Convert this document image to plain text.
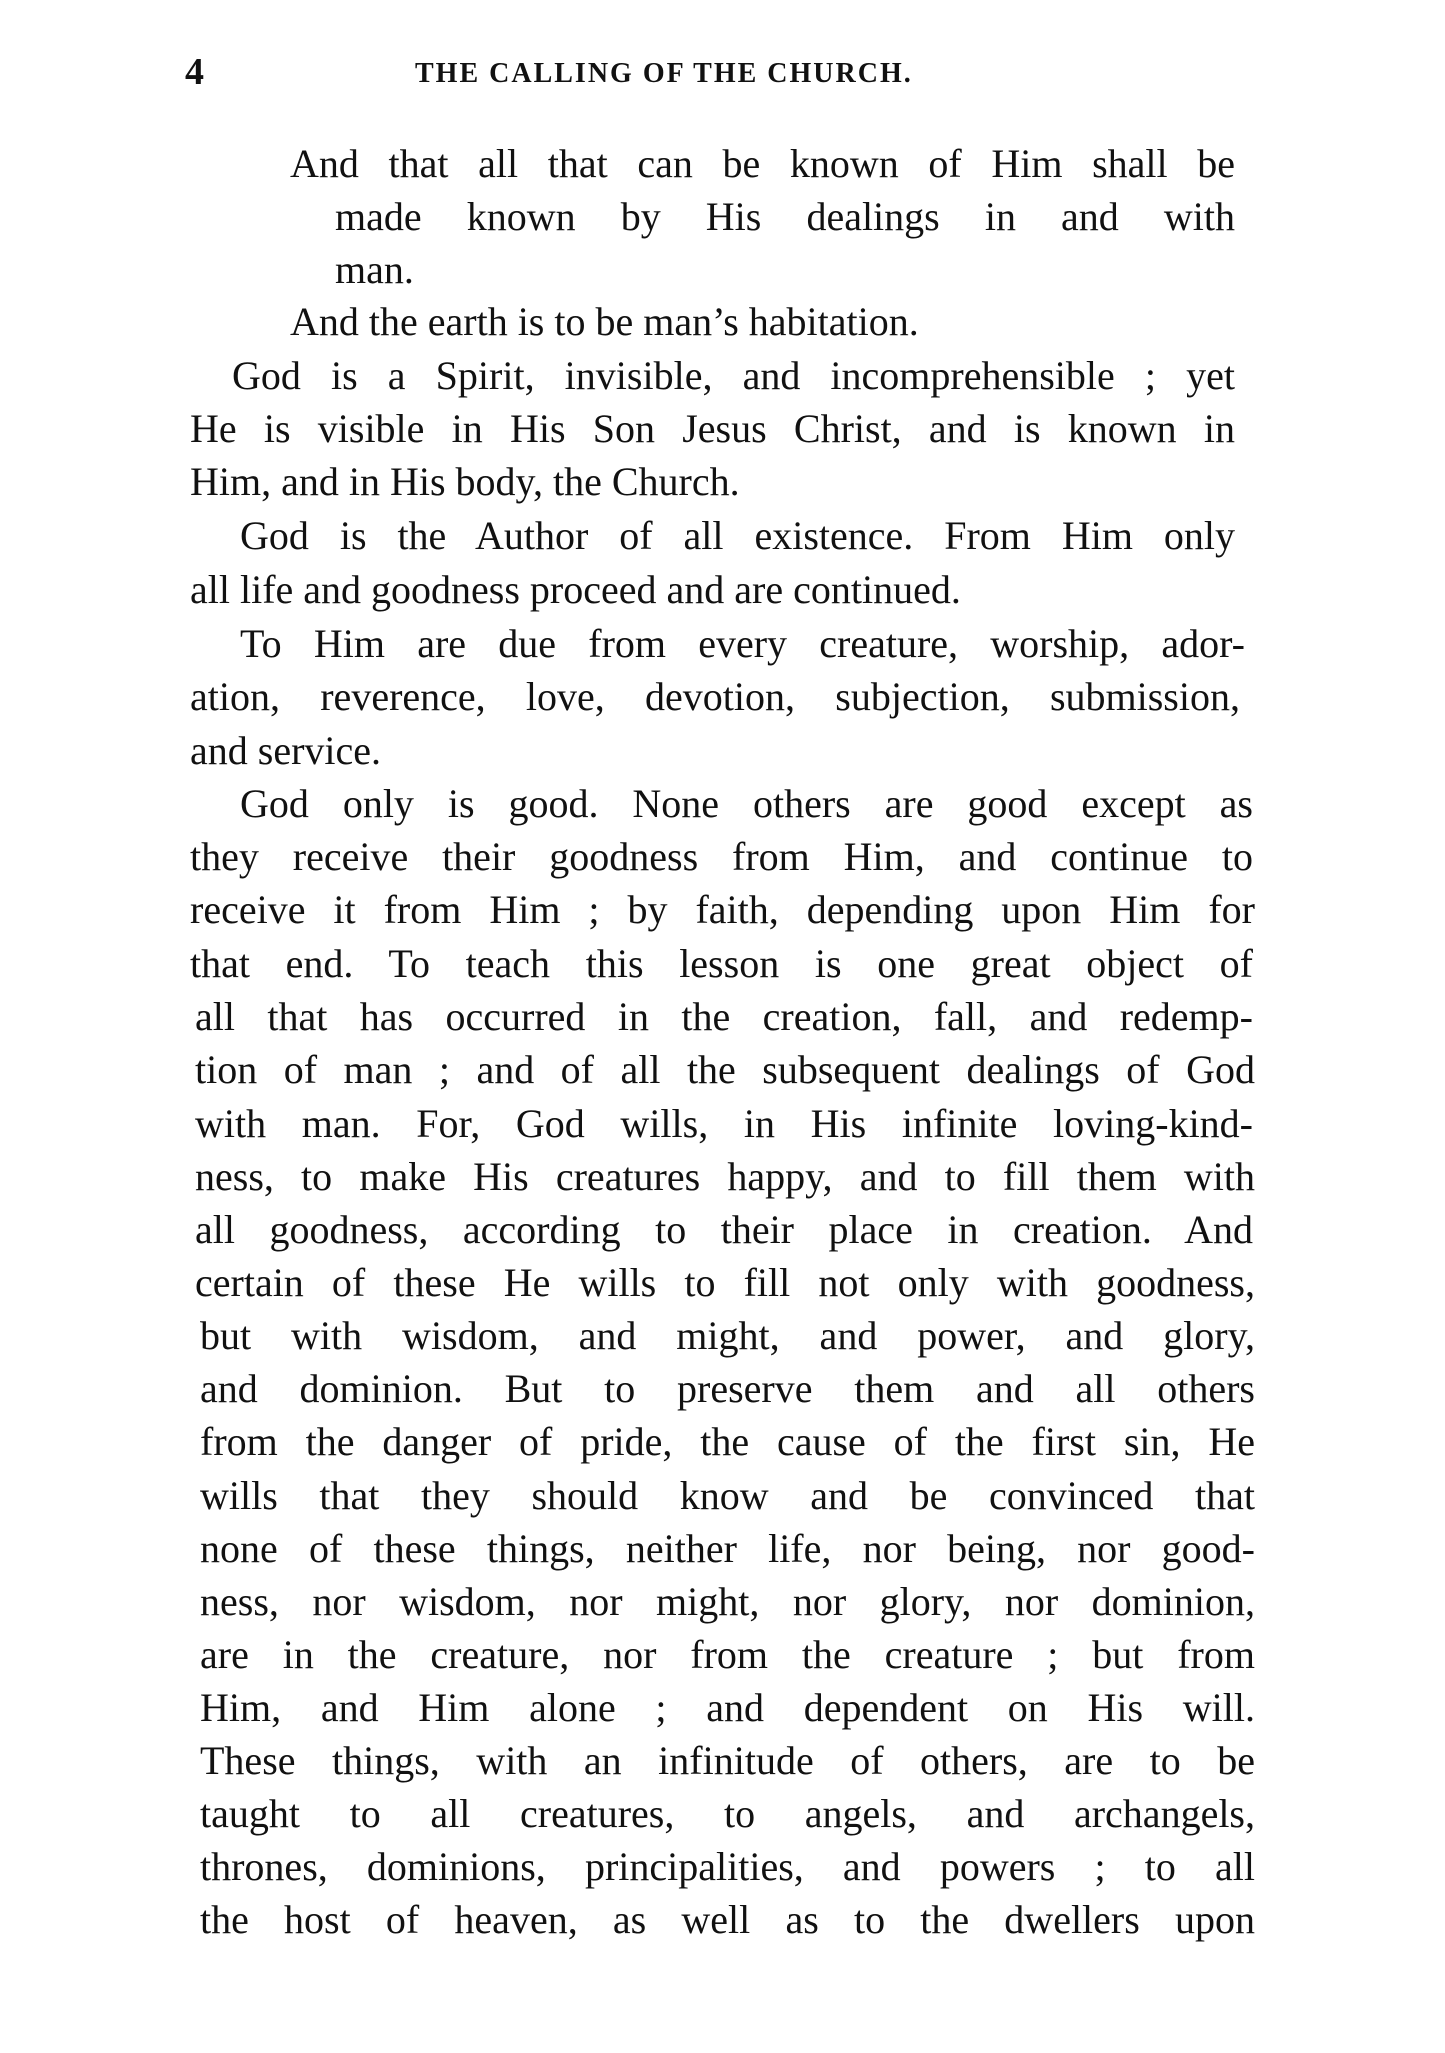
4	THE CALLING OF THE CHURCH.
And that all that can be known of Him shall be
made known by His dealings in and with
man.
And the earth is to be man’s habitation.
God is a Spirit, invisible, and incomprehensible ; yet
He is visible in His Son Jesus Christ, and is known in
Him, and in His body, the Church.
God is the Author of all existence. From Him only
all life and goodness proceed and are continued.
To Him are due from every creature, worship, ador-
ation, reverence, love, devotion, subjection, submission,
and service.
God only is good. None others are good except as
they receive their goodness from Him, and continue to
receive it from Him ; by faith, depending upon Him for
that end. To teach this lesson is one great object of
all that has occurred in the creation, fall, and redemp-
tion of man ; and of all the subsequent dealings of God
with man. For, God wills, in His infinite loving-kind-
ness, to make His creatures happy, and to fill them with
all goodness, according to their place in creation. And
certain of these He wills to fill not only with goodness,
but with wisdom, and might, and power, and glory,
and dominion. But to preserve them and all others
from the danger of pride, the cause of the first sin, He
wills that they should know and be convinced that
none of these things, neither life, nor being, nor good-
ness, nor wisdom, nor might, nor glory, nor dominion,
are in the creature, nor from the creature ; but from
Him, and Him alone ; and dependent on His will.
These things, with an infinitude of others, are to be
taught to all creatures, to angels, and archangels,
thrones, dominions, principalities, and powers ; to all
the host of heaven, as well as to the dwellers upon
